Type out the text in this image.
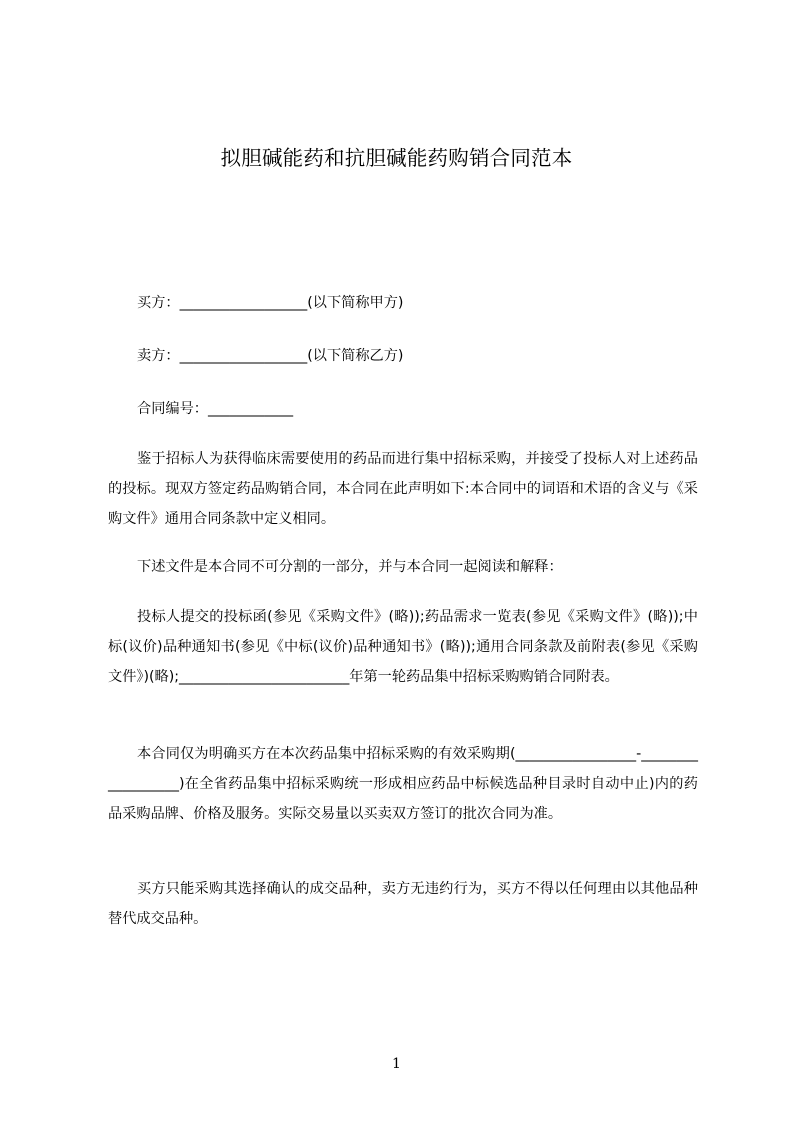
拟胆碱能药和抗胆碱能药购销合同范本
买方：__________________(以下简称甲方)
卖方：__________________(以下简称乙方)
合同编号：____________

鉴于招标人为获得临床需要使用的药品而进行集中招标采购，并接受了投标人对上述药品的投标。现双方签定药品购销合同，本合同在此声明如下:本合同中的词语和术语的含义与《采购文件》通用合同条款中定义相同。

下述文件是本合同不可分割的一部分，并与本合同一起阅读和解释：

投标人提交的投标函(参见《采购文件》(略));药品需求一览表(参见《采购文件》(略));中标(议价)品种通知书(参见《中标(议价)品种通知书》(略));通用合同条款及前附表(参见《采购文件》)(略);________________________年第一轮药品集中招标采购购销合同附表。

本合同仅为明确买方在本次药品集中招标采购的有效采购期(_________________-__________________)在全省药品集中招标采购统一形成相应药品中标候选品种目录时自动中止)内的药品采购品牌、价格及服务。实际交易量以买卖双方签订的批次合同为准。

买方只能采购其选择确认的成交品种，卖方无违约行为，买方不得以任何理由以其他品种替代成交品种。

1
